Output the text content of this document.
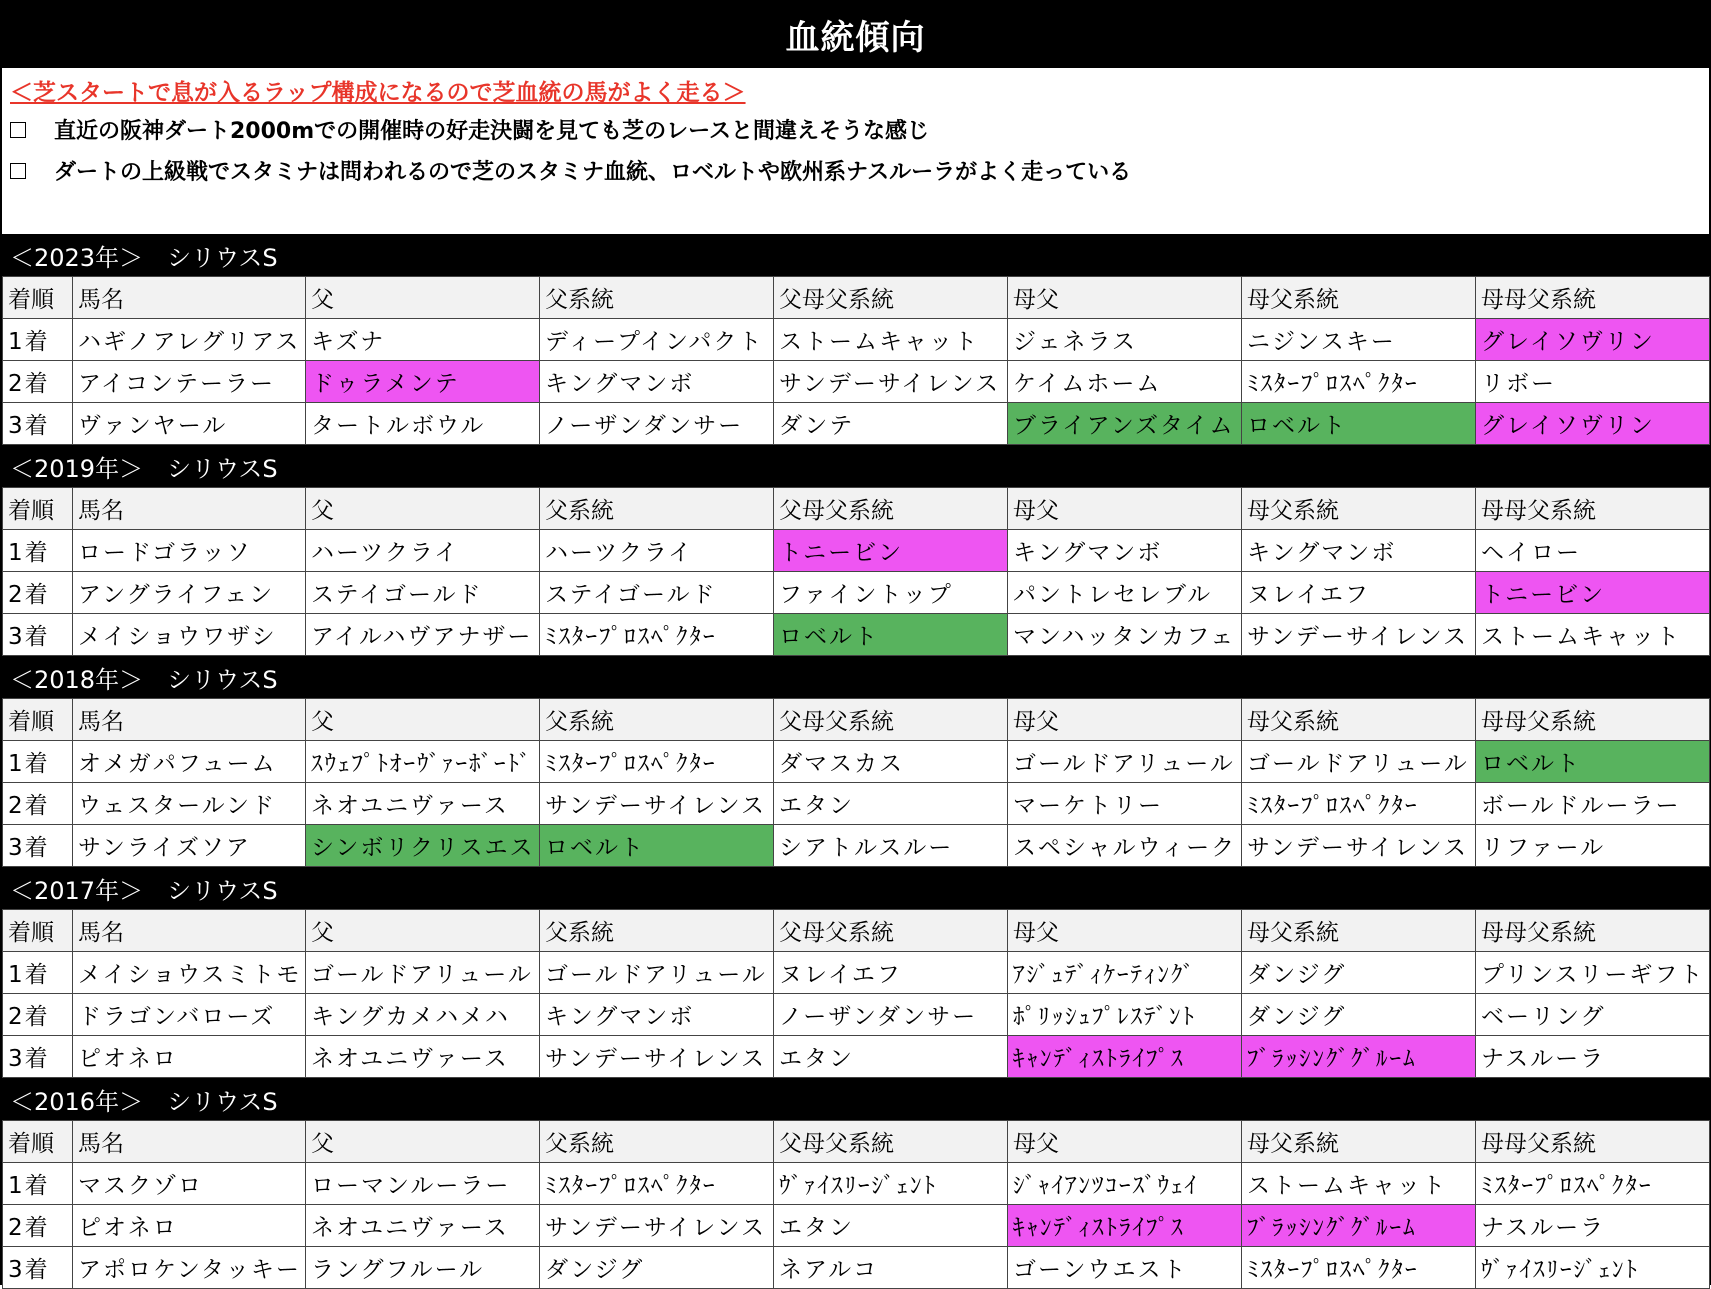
血統傾向
＜芝スタートで息が入るラップ構成になるので芝血統の馬がよく走る＞
直近の阪神ダート2000mでの開催時の好走決闘を見ても芝のレースと間違えそうな感じ
ダートの上級戦でスタミナは問われるので芝のスタミナ血統、ロベルトや欧州系ナスルーラがよく走っている
＜2023年＞　シリウスS
着順	馬名	父	父系統	父母父系統	母父	母父系統	母母父系統
1着	ハギノアレグリアス	キズナ	ディープインパクト	ストームキャット	ジェネラス	ニジンスキー	グレイソヴリン
2着	アイコンテーラー	ドゥラメンテ	キングマンボ	サンデーサイレンス	ケイムホーム	ﾐｽﾀｰﾌﾟﾛｽﾍﾟｸﾀｰ	リボー
3着	ヴァンヤール	タートルボウル	ノーザンダンサー	ダンテ	ブライアンズタイム	ロベルト	グレイソヴリン
＜2019年＞　シリウスS
着順	馬名	父	父系統	父母父系統	母父	母父系統	母母父系統
1着	ロードゴラッソ	ハーツクライ	ハーツクライ	トニービン	キングマンボ	キングマンボ	ヘイロー
2着	アングライフェン	ステイゴールド	ステイゴールド	ファイントップ	パントレセレブル	ヌレイエフ	トニービン
3着	メイショウワザシ	アイルハヴアナザー	ﾐｽﾀｰﾌﾟﾛｽﾍﾟｸﾀｰ	ロベルト	マンハッタンカフェ	サンデーサイレンス	ストームキャット
＜2018年＞　シリウスS
着順	馬名	父	父系統	父母父系統	母父	母父系統	母母父系統
1着	オメガパフューム	ｽｳｪﾌﾟﾄｵｰｳﾞｧｰﾎﾞｰﾄﾞ	ﾐｽﾀｰﾌﾟﾛｽﾍﾟｸﾀｰ	ダマスカス	ゴールドアリュール	ゴールドアリュール	ロベルト
2着	ウェスタールンド	ネオユニヴァース	サンデーサイレンス	エタン	マーケトリー	ﾐｽﾀｰﾌﾟﾛｽﾍﾟｸﾀｰ	ボールドルーラー
3着	サンライズソア	シンボリクリスエス	ロベルト	シアトルスルー	スペシャルウィーク	サンデーサイレンス	リファール
＜2017年＞　シリウスS
着順	馬名	父	父系統	父母父系統	母父	母父系統	母母父系統
1着	メイショウスミトモ	ゴールドアリュール	ゴールドアリュール	ヌレイエフ	ｱｼﾞｭﾃﾞｨｹｰﾃｨﾝｸﾞ	ダンジグ	プリンスリーギフト
2着	ドラゴンバローズ	キングカメハメハ	キングマンボ	ノーザンダンサー	ﾎﾟﾘｯｼｭﾌﾟﾚｽﾃﾞﾝﾄ	ダンジグ	ベーリング
3着	ピオネロ	ネオユニヴァース	サンデーサイレンス	エタン	ｷｬﾝﾃﾞｨｽﾄﾗｲﾌﾟｽ	ﾌﾞﾗｯｼﾝｸﾞｸﾞﾙｰﾑ	ナスルーラ
＜2016年＞　シリウスS
着順	馬名	父	父系統	父母父系統	母父	母父系統	母母父系統
1着	マスクゾロ	ローマンルーラー	ﾐｽﾀｰﾌﾟﾛｽﾍﾟｸﾀｰ	ｳﾞｧｲｽﾘｰｼﾞｪﾝﾄ	ｼﾞｬｲｱﾝﾂｺｰｽﾞｳｪｲ	ストームキャット	ﾐｽﾀｰﾌﾟﾛｽﾍﾟｸﾀｰ
2着	ピオネロ	ネオユニヴァース	サンデーサイレンス	エタン	ｷｬﾝﾃﾞｨｽﾄﾗｲﾌﾟｽ	ﾌﾞﾗｯｼﾝｸﾞｸﾞﾙｰﾑ	ナスルーラ
3着	アポロケンタッキー	ラングフルール	ダンジグ	ネアルコ	ゴーンウエスト	ﾐｽﾀｰﾌﾟﾛｽﾍﾟｸﾀｰ	ｳﾞｧｲｽﾘｰｼﾞｪﾝﾄ
